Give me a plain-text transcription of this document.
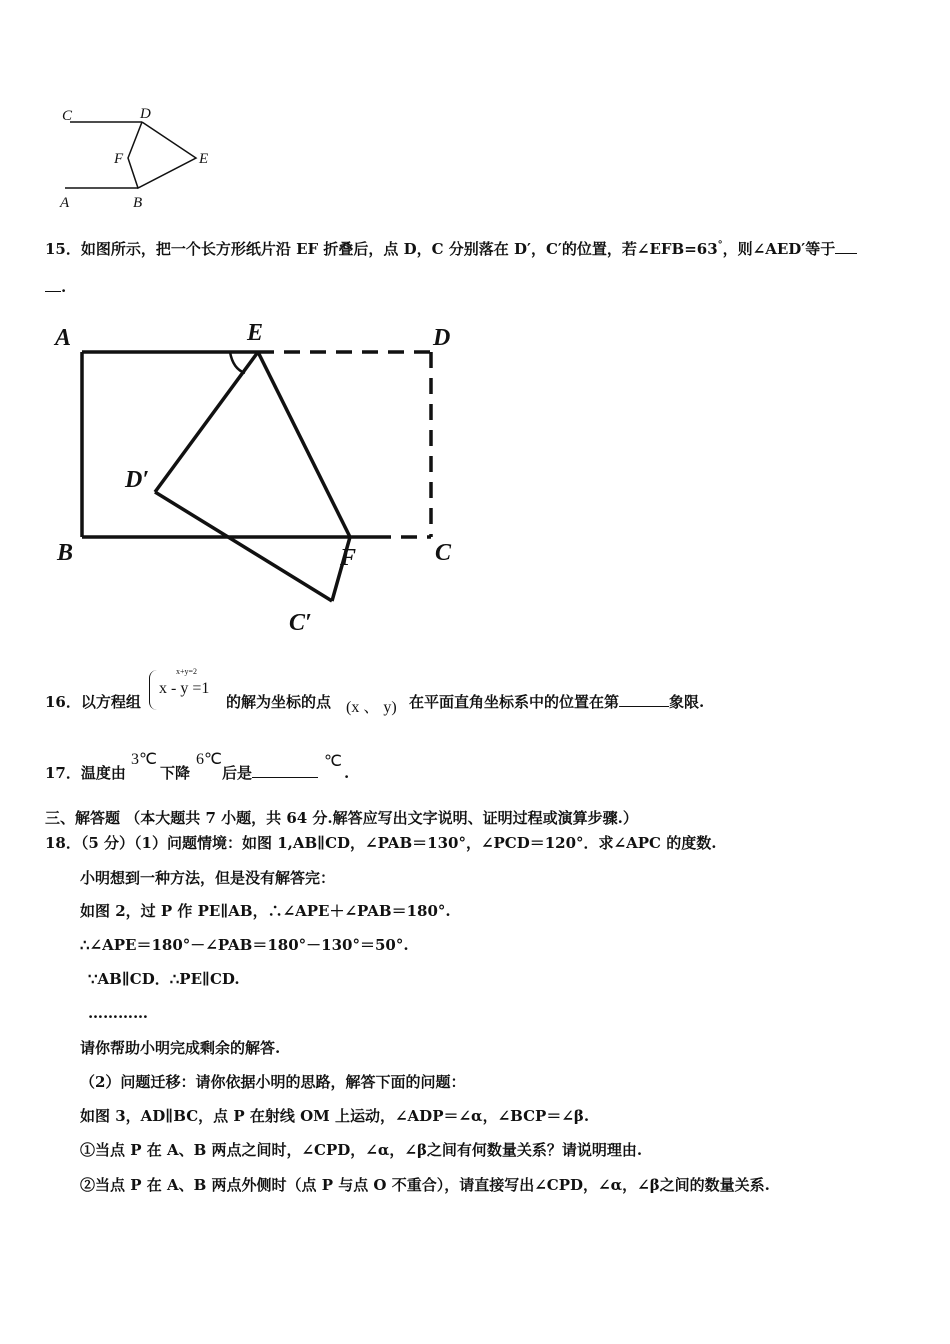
C	D
F	E
A	B
15．如图所示，把一个长方形纸片沿 EF 折叠后，点 D，C 分别落在 D′，C′的位置，若∠EFB=63°，则∠AED′等于
.
A	E	D
D′
B	F	C
C′
16．以方程组
x+y=2
x - y =1
的解为坐标的点 (x 、 y) 在平面直角坐标系中的位置在第	象限.
17．温度由
3℃
下降
6℃
后是
℃
.
三、解答题 （本大题共 7 小题，共 64 分.解答应写出文字说明、证明过程或演算步骤.）
18．（5 分）（1）问题情境：如图 1,AB∥CD，∠PAB＝130°，∠PCD＝120°．求∠APC 的度数.
小明想到一种方法，但是没有解答完：
如图 2，过 P 作 PE∥AB，∴∠APE＋∠PAB＝180°.
∴∠APE＝180°－∠PAB＝180°－130°＝50°.
∵AB∥CD．∴PE∥CD.
…………
请你帮助小明完成剩余的解答.
（2）问题迁移：请你依据小明的思路，解答下面的问题：
如图 3，AD∥BC，点 P 在射线 OM 上运动，∠ADP＝∠α，∠BCP＝∠β.
①当点 P 在 A、B 两点之间时，∠CPD，∠α，∠β之间有何数量关系？请说明理由.
②当点 P 在 A、B 两点外侧时（点 P 与点 O 不重合），请直接写出∠CPD，∠α，∠β之间的数量关系.
